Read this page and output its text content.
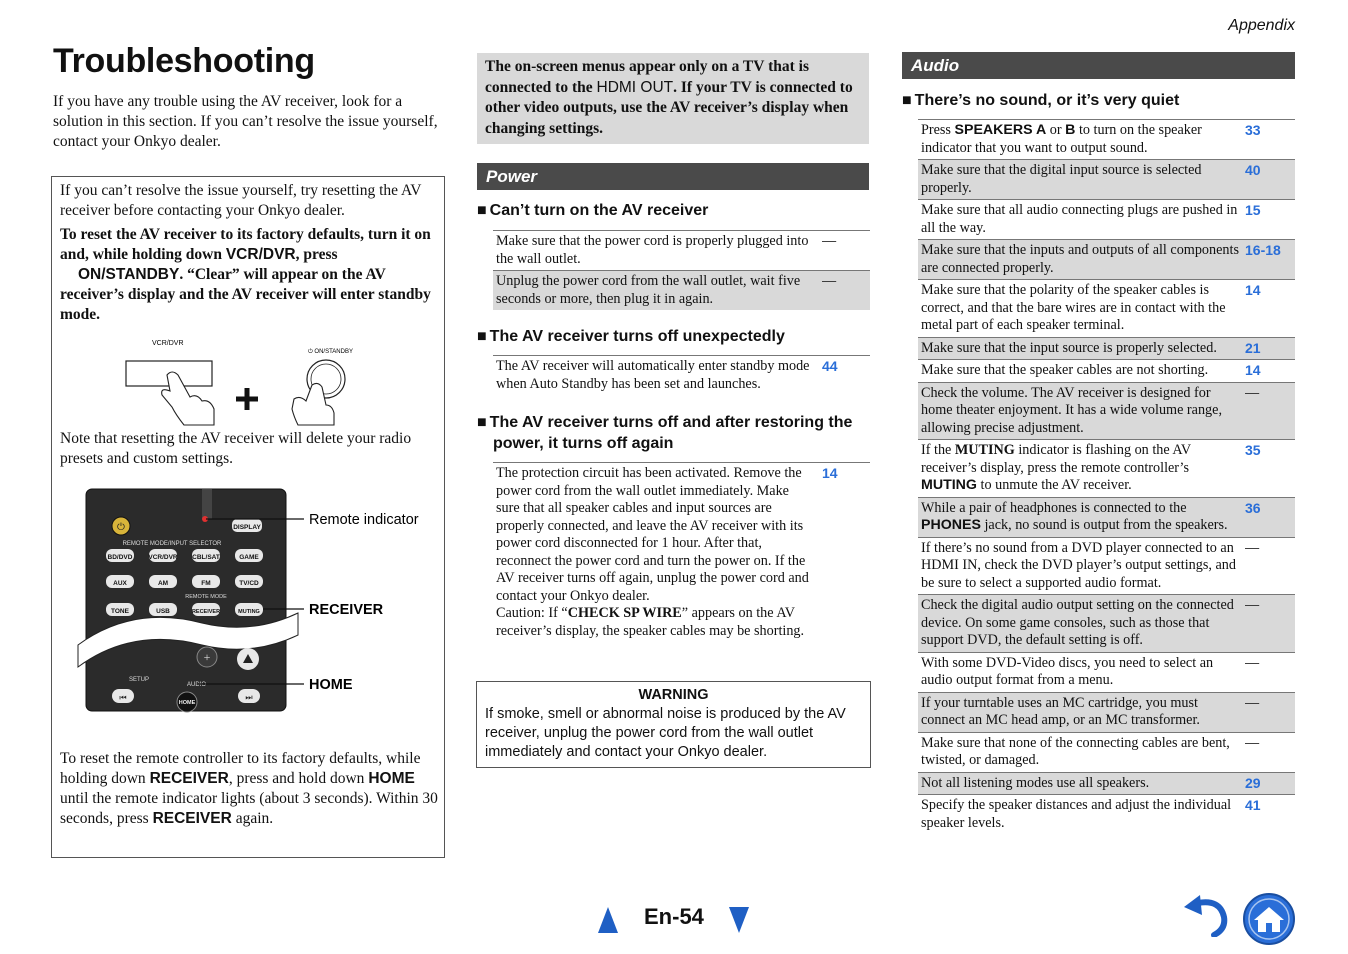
Appendix
Troubleshooting

If you have any trouble using the AV receiver, look for a solution in this section. If you can’t resolve the issue yourself, contact your Onkyo dealer.

If you can’t resolve the issue yourself, try resetting the AV receiver before contacting your Onkyo dealer.

To reset the AV receiver to its factory defaults, turn it on and, while holding down VCR/DVR, press
ON/STANDBY. “Clear” will appear on the AV receiver’s display and the AV receiver will enter standby mode.

VCR/DVR
⏻ ON/STANDBY

Note that resetting the AV receiver will delete your radio presets and custom settings.

⏻	DISPLAY
REMOTE MODE/INPUT SELECTOR
BD/DVD VCR/DVR CBL/SAT	GAME
AUX	AM	FM	TV/CD
REMOTE MODE
TONE	USB	RECEIVER	MUTING
+
SETUP
AUDIO
HOME
⏮	⏭
Remote indicator
RECEIVER
HOME

To reset the remote controller to its factory defaults, while holding down RECEIVER, press and hold down HOME until the remote indicator lights (about 3 seconds). Within 30 seconds, press RECEIVER again.

The on-screen menus appear only on a TV that is connected to the HDMI OUT. If your TV is connected to other video outputs, use the AV receiver’s display when changing settings.
Power
■ Can’t turn on the AV receiver
Make sure that the power cord is properly plugged into the wall outlet.	—
Unplug the power cord from the wall outlet, wait five seconds or more, then plug it in again.	—
■ The AV receiver turns off unexpectedly
The AV receiver will automatically enter standby mode when Auto Standby has been set and launches.	44
■ The AV receiver turns off and after restoring the power, it turns off again
The protection circuit has been activated. Remove the power cord from the wall outlet immediately. Make sure that all speaker cables and input sources are properly connected, and leave the AV receiver with its power cord disconnected for 1 hour. After that, reconnect the power cord and turn the power on. If the AV receiver turns off again, unplug the power cord and contact your Onkyo dealer.
Caution: If “CHECK SP WIRE” appears on the AV receiver’s display, the speaker cables may be shorting.	14
WARNING
If smoke, smell or abnormal noise is produced by the AV receiver, unplug the power cord from the wall outlet immediately and contact your Onkyo dealer.
Audio
■ There’s no sound, or it’s very quiet
Press SPEAKERS A or B to turn on the speaker indicator that you want to output sound.	33
Make sure that the digital input source is selected properly.	40
Make sure that all audio connecting plugs are pushed in all the way.	15
Make sure that the inputs and outputs of all components are connected properly.	16-18
Make sure that the polarity of the speaker cables is correct, and that the bare wires are in contact with the metal part of each speaker terminal.	14
Make sure that the input source is properly selected.	21
Make sure that the speaker cables are not shorting.	14
Check the volume. The AV receiver is designed for home theater enjoyment. It has a wide volume range, allowing precise adjustment.	—
If the MUTING indicator is flashing on the AV receiver’s display, press the remote controller’s MUTING to unmute the AV receiver.	35
While a pair of headphones is connected to the PHONES jack, no sound is output from the speakers.	36
If there’s no sound from a DVD player connected to an HDMI IN, check the DVD player’s output settings, and be sure to select a supported audio format.	—
Check the digital audio output setting on the connected device. On some game consoles, such as those that support DVD, the default setting is off.	—
With some DVD-Video discs, you need to select an audio output format from a menu.	—
If your turntable uses an MC cartridge, you must connect an MC head amp, or an MC transformer.	—
Make sure that none of the connecting cables are bent, twisted, or damaged.	—
Not all listening modes use all speakers.	29
Specify the speaker distances and adjust the individual speaker levels.	41
En-54
